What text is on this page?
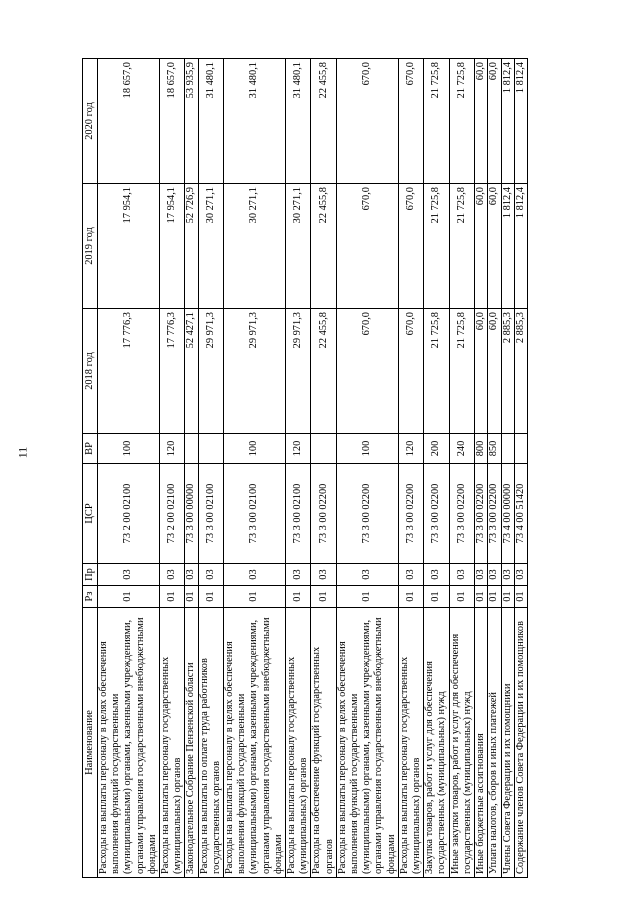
11
Наименование	Рз	Пр	ЦСР	ВР	2018 год	2019 год	2020 год
Расходы на выплаты персоналу в целях обеспечения выполнения функций государственными (муниципальными) органами, казенными учреждениями, органами управления государственными внебюджетными фондами	01	03	73 2 00 02100	100	17 776,3	17 954,1	18 657,0
Расходы на выплаты персоналу государственных (муниципальных) органов	01	03	73 2 00 02100	120	17 776,3	17 954,1	18 657,0
Законодательное Собрание Пензенской области	01	03	73 3 00 00000		52 427,1	52 726,9	53 935,9
Расходы на выплаты по оплате труда работников государственных органов	01	03	73 3 00 02100		29 971,3	30 271,1	31 480,1
Расходы на выплаты персоналу в целях обеспечения выполнения функций государственными (муниципальными) органами, казенными учреждениями, органами управления государственными внебюджетными фондами	01	03	73 3 00 02100	100	29 971,3	30 271,1	31 480,1
Расходы на выплаты персоналу государственных (муниципальных) органов	01	03	73 3 00 02100	120	29 971,3	30 271,1	31 480,1
Расходы на обеспечение функций государственных органов	01	03	73 3 00 02200		22 455,8	22 455,8	22 455,8
Расходы на выплаты персоналу в целях обеспечения выполнения функций государственными (муниципальными) органами, казенными учреждениями, органами управления государственными внебюджетными фондами	01	03	73 3 00 02200	100	670,0	670,0	670,0
Расходы на выплаты персоналу государственных (муниципальных) органов	01	03	73 3 00 02200	120	670,0	670,0	670,0
Закупка товаров, работ и услуг для обеспечения государственных (муниципальных) нужд	01	03	73 3 00 02200	200	21 725,8	21 725,8	21 725,8
Иные закупки товаров, работ и услуг для обеспечения государственных (муниципальных) нужд	01	03	73 3 00 02200	240	21 725,8	21 725,8	21 725,8
Иные бюджетные ассигнования	01	03	73 3 00 02200	800	60,0	60,0	60,0
Уплата налогов, сборов и иных платежей	01	03	73 3 00 02200	850	60,0	60,0	60,0
Члены Совета Федерации и их помощники	01	03	73 4 00 00000		2 885,3	1 812,4	1 812,4
Содержание членов Совета Федерации и их помощников	01	03	73 4 00 51420		2 885,3	1 812,4	1 812,4
